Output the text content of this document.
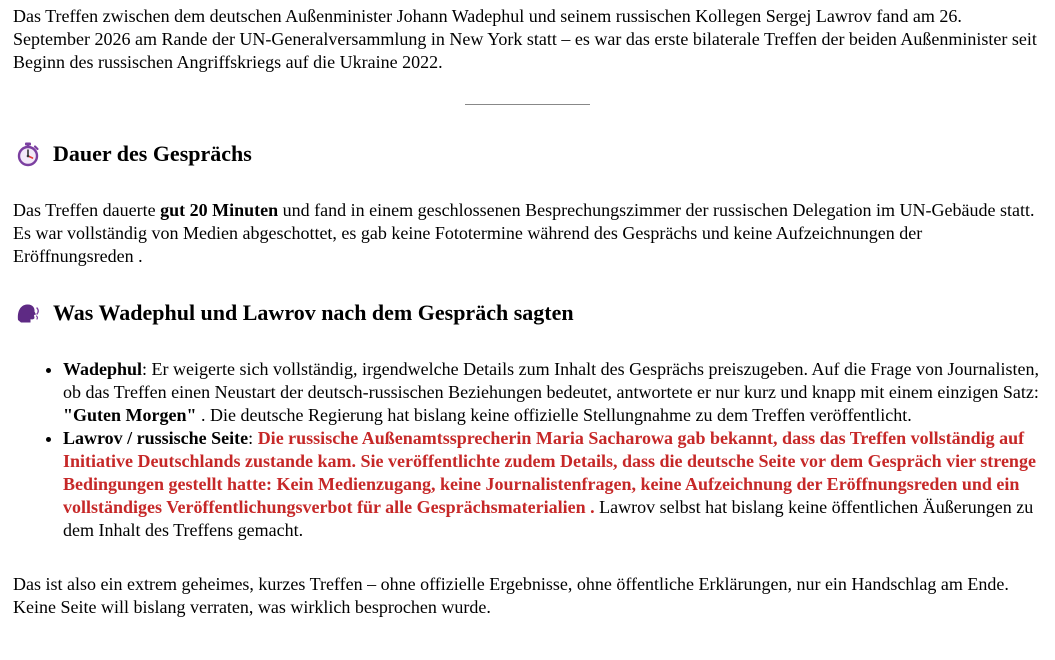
Das Treffen zwischen dem deutschen Außenminister Johann Wadephul und seinem russischen Kollegen Sergej Lawrov fand am 26. September 2026 am Rande der UN-Generalversammlung in New York statt – es war das erste bilaterale Treffen der beiden Außenminister seit Beginn des russischen Angriffskriegs auf die Ukraine 2022.

Dauer des Gesprächs

Das Treffen dauerte gut 20 Minuten und fand in einem geschlossenen Besprechungszimmer der russischen Delegation im UN-Gebäude statt. Es war vollständig von Medien abgeschottet, es gab keine Fototermine während des Gesprächs und keine Aufzeichnungen der Eröffnungsreden .

Was Wadephul und Lawrov nach dem Gespräch sagten
• Wadephul: Er weigerte sich vollständig, irgendwelche Details zum Inhalt des Gesprächs preiszugeben. Auf die Frage von Journalisten, ob das Treffen einen Neustart der deutsch-russischen Beziehungen bedeutet, antwortete er nur kurz und knapp mit einem einzigen Satz: "Guten Morgen" . Die deutsche Regierung hat bislang keine offizielle Stellungnahme zu dem Treffen veröffentlicht.
• Lawrov / russische Seite: Die russische Außenamtssprecherin Maria Sacharowa gab bekannt, dass das Treffen vollständig auf Initiative Deutschlands zustande kam. Sie veröffentlichte zudem Details, dass die deutsche Seite vor dem Gespräch vier strenge Bedingungen gestellt hatte: Kein Medienzugang, keine Journalistenfragen, keine Aufzeichnung der Eröffnungsreden und ein vollständiges Veröffentlichungsverbot für alle Gesprächsmaterialien . Lawrov selbst hat bislang keine öffentlichen Äußerungen zu dem Inhalt des Treffens gemacht.

Das ist also ein extrem geheimes, kurzes Treffen – ohne offizielle Ergebnisse, ohne öffentliche Erklärungen, nur ein Handschlag am Ende. Keine Seite will bislang verraten, was wirklich besprochen wurde.
